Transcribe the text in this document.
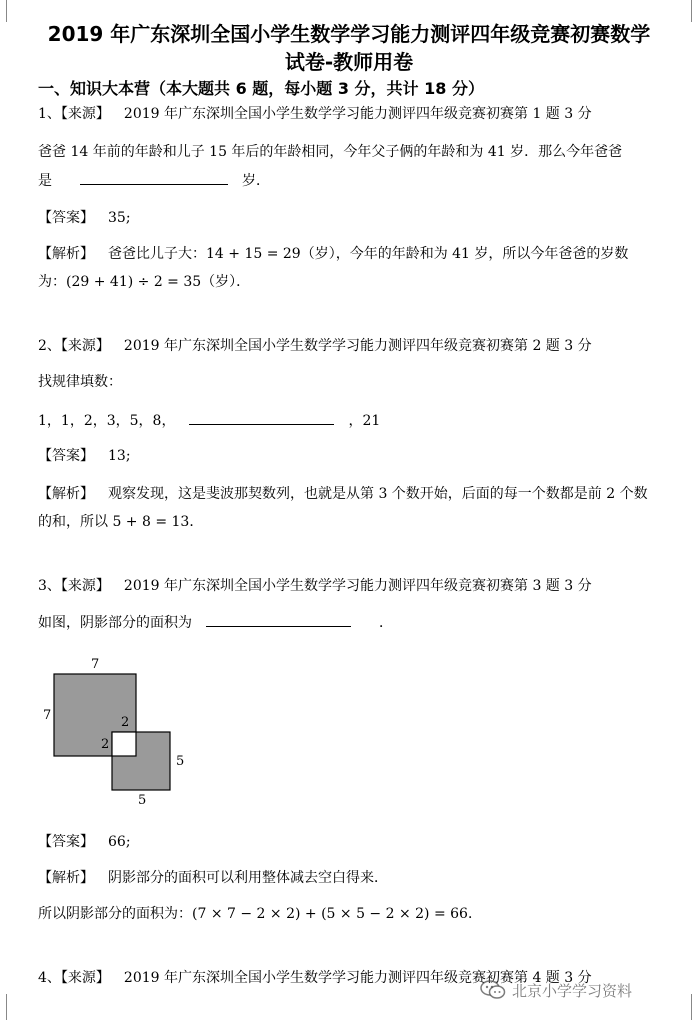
2019 年广东深圳全国小学生数学学习能力测评四年级竞赛初赛数学
试卷-教师用卷
一、知识大本营（本大题共 6 题，每小题 3 分，共计 18 分）
1、【来源】 2019 年广东深圳全国小学生数学学习能力测评四年级竞赛初赛第 1 题 3 分
爸爸 14 年前的年龄和儿子 15 年后的年龄相同，今年父子俩的年龄和为 41 岁．那么今年爸爸
是	岁．
【答案】 35;
【解析】 爸爸比儿子大：14 + 15 = 29（岁），今年的年龄和为 41 岁，所以今年爸爸的岁数
为：(29 + 41) ÷ 2 = 35（岁）．
2、【来源】 2019 年广东深圳全国小学生数学学习能力测评四年级竞赛初赛第 2 题 3 分
找规律填数：
1，1，2，3，5，8，	，21
【答案】 13;
【解析】 观察发现，这是斐波那契数列，也就是从第 3 个数开始，后面的每一个数都是前 2 个数
的和，所以 5 + 8 = 13．
3、【来源】 2019 年广东深圳全国小学生数学学习能力测评四年级竞赛初赛第 3 题 3 分
如图，阴影部分的面积为	．
7
7	2
2
5
5
【答案】 66;
【解析】 阴影部分的面积可以利用整体减去空白得来．
所以阴影部分的面积为：(7 × 7 − 2 × 2) + (5 × 5 − 2 × 2) = 66．
4、【来源】 2019 年广东深圳全国小学生数学学习能力测评四年级竞赛初赛第 4 题 3 分
北京小学学习资料
